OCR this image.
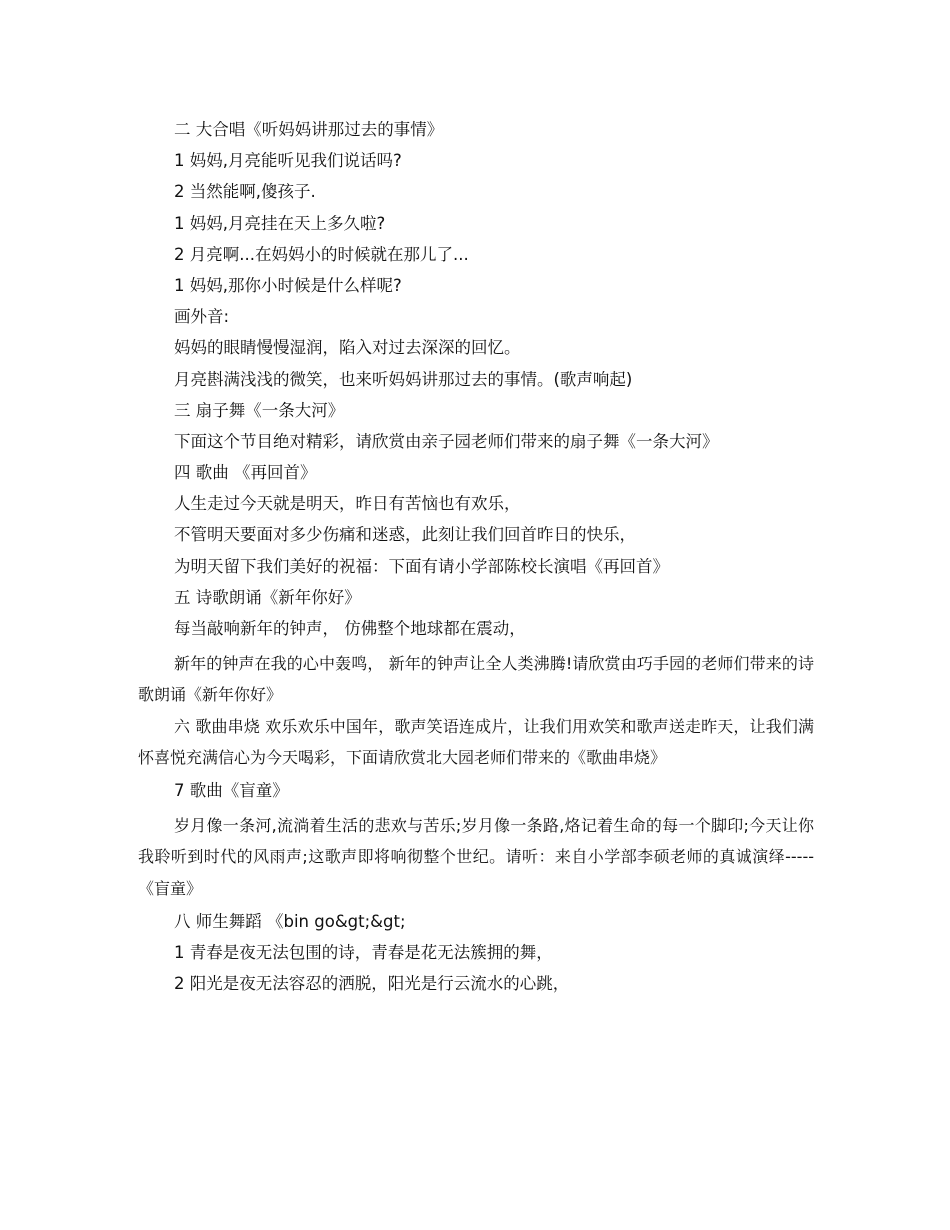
二 大合唱《听妈妈讲那过去的事情》

1 妈妈,月亮能听见我们说话吗?

2 当然能啊,傻孩子.

1 妈妈,月亮挂在天上多久啦?

2 月亮啊...在妈妈小的时候就在那儿了...

1 妈妈,那你小时候是什么样呢?

画外音:

妈妈的眼睛慢慢湿润，陷入对过去深深的回忆。

月亮斟满浅浅的微笑，也来听妈妈讲那过去的事情。(歌声响起)

三 扇子舞《一条大河》

下面这个节目绝对精彩，请欣赏由亲子园老师们带来的扇子舞《一条大河》

四 歌曲 《再回首》

人生走过今天就是明天，昨日有苦恼也有欢乐，

不管明天要面对多少伤痛和迷惑，此刻让我们回首昨日的快乐，

为明天留下我们美好的祝福：下面有请小学部陈校长演唱《再回首》

五 诗歌朗诵《新年你好》

每当敲响新年的钟声， 仿佛整个地球都在震动，

新年的钟声在我的心中轰鸣， 新年的钟声让全人类沸腾!请欣赏由巧手园的老师们带来的诗歌朗诵《新年你好》

六 歌曲串烧 欢乐欢乐中国年，歌声笑语连成片，让我们用欢笑和歌声送走昨天，让我们满怀喜悦充满信心为今天喝彩，下面请欣赏北大园老师们带来的《歌曲串烧》

7 歌曲《盲童》

岁月像一条河,流淌着生活的悲欢与苦乐;岁月像一条路,烙记着生命的每一个脚印;今天让你我聆听到时代的风雨声;这歌声即将响彻整个世纪。请听：来自小学部李硕老师的真诚演绎-----《盲童》

八 师生舞蹈 《bin go&gt;&gt;

1 青春是夜无法包围的诗，青春是花无法簇拥的舞，

2 阳光是夜无法容忍的洒脱，阳光是行云流水的心跳，
